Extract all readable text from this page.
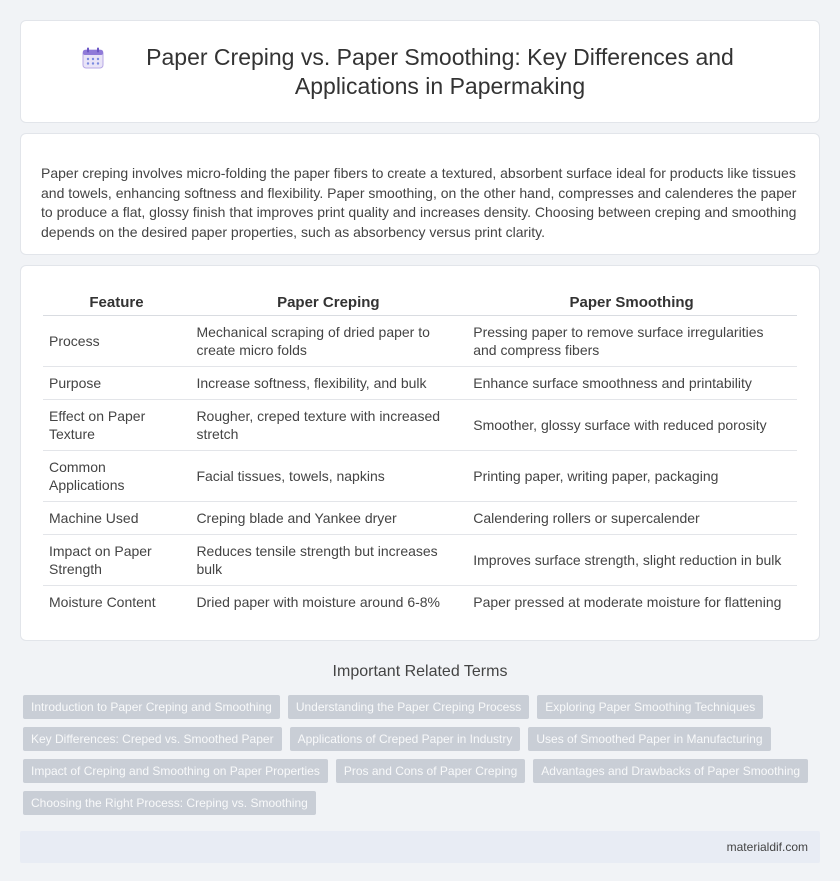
Paper Creping vs. Paper Smoothing: Key Differences and Applications in Papermaking

Paper creping involves micro-folding the paper fibers to create a textured, absorbent surface ideal for products like tissues and towels, enhancing softness and flexibility. Paper smoothing, on the other hand, compresses and calenderes the paper to produce a flat, glossy finish that improves print quality and increases density. Choosing between creping and smoothing depends on the desired paper properties, such as absorbency versus print clarity.

Feature	Paper Creping	Paper Smoothing
Process	Mechanical scraping of dried paper to create micro folds	Pressing paper to remove surface irregularities and compress fibers
Purpose	Increase softness, flexibility, and bulk	Enhance surface smoothness and printability
Effect on Paper Texture	Rougher, creped texture with increased stretch	Smoother, glossy surface with reduced porosity
Common Applications	Facial tissues, towels, napkins	Printing paper, writing paper, packaging
Machine Used	Creping blade and Yankee dryer	Calendering rollers or supercalender
Impact on Paper Strength	Reduces tensile strength but increases bulk	Improves surface strength, slight reduction in bulk
Moisture Content	Dried paper with moisture around 6-8%	Paper pressed at moderate moisture for flattening
Important Related Terms
Introduction to Paper Creping and Smoothing	Understanding the Paper Creping Process	Exploring Paper Smoothing Techniques
Key Differences: Creped vs. Smoothed Paper	Applications of Creped Paper in Industry	Uses of Smoothed Paper in Manufacturing
Impact of Creping and Smoothing on Paper Properties	Pros and Cons of Paper Creping	Advantages and Drawbacks of Paper Smoothing
Choosing the Right Process: Creping vs. Smoothing
materialdif.com
